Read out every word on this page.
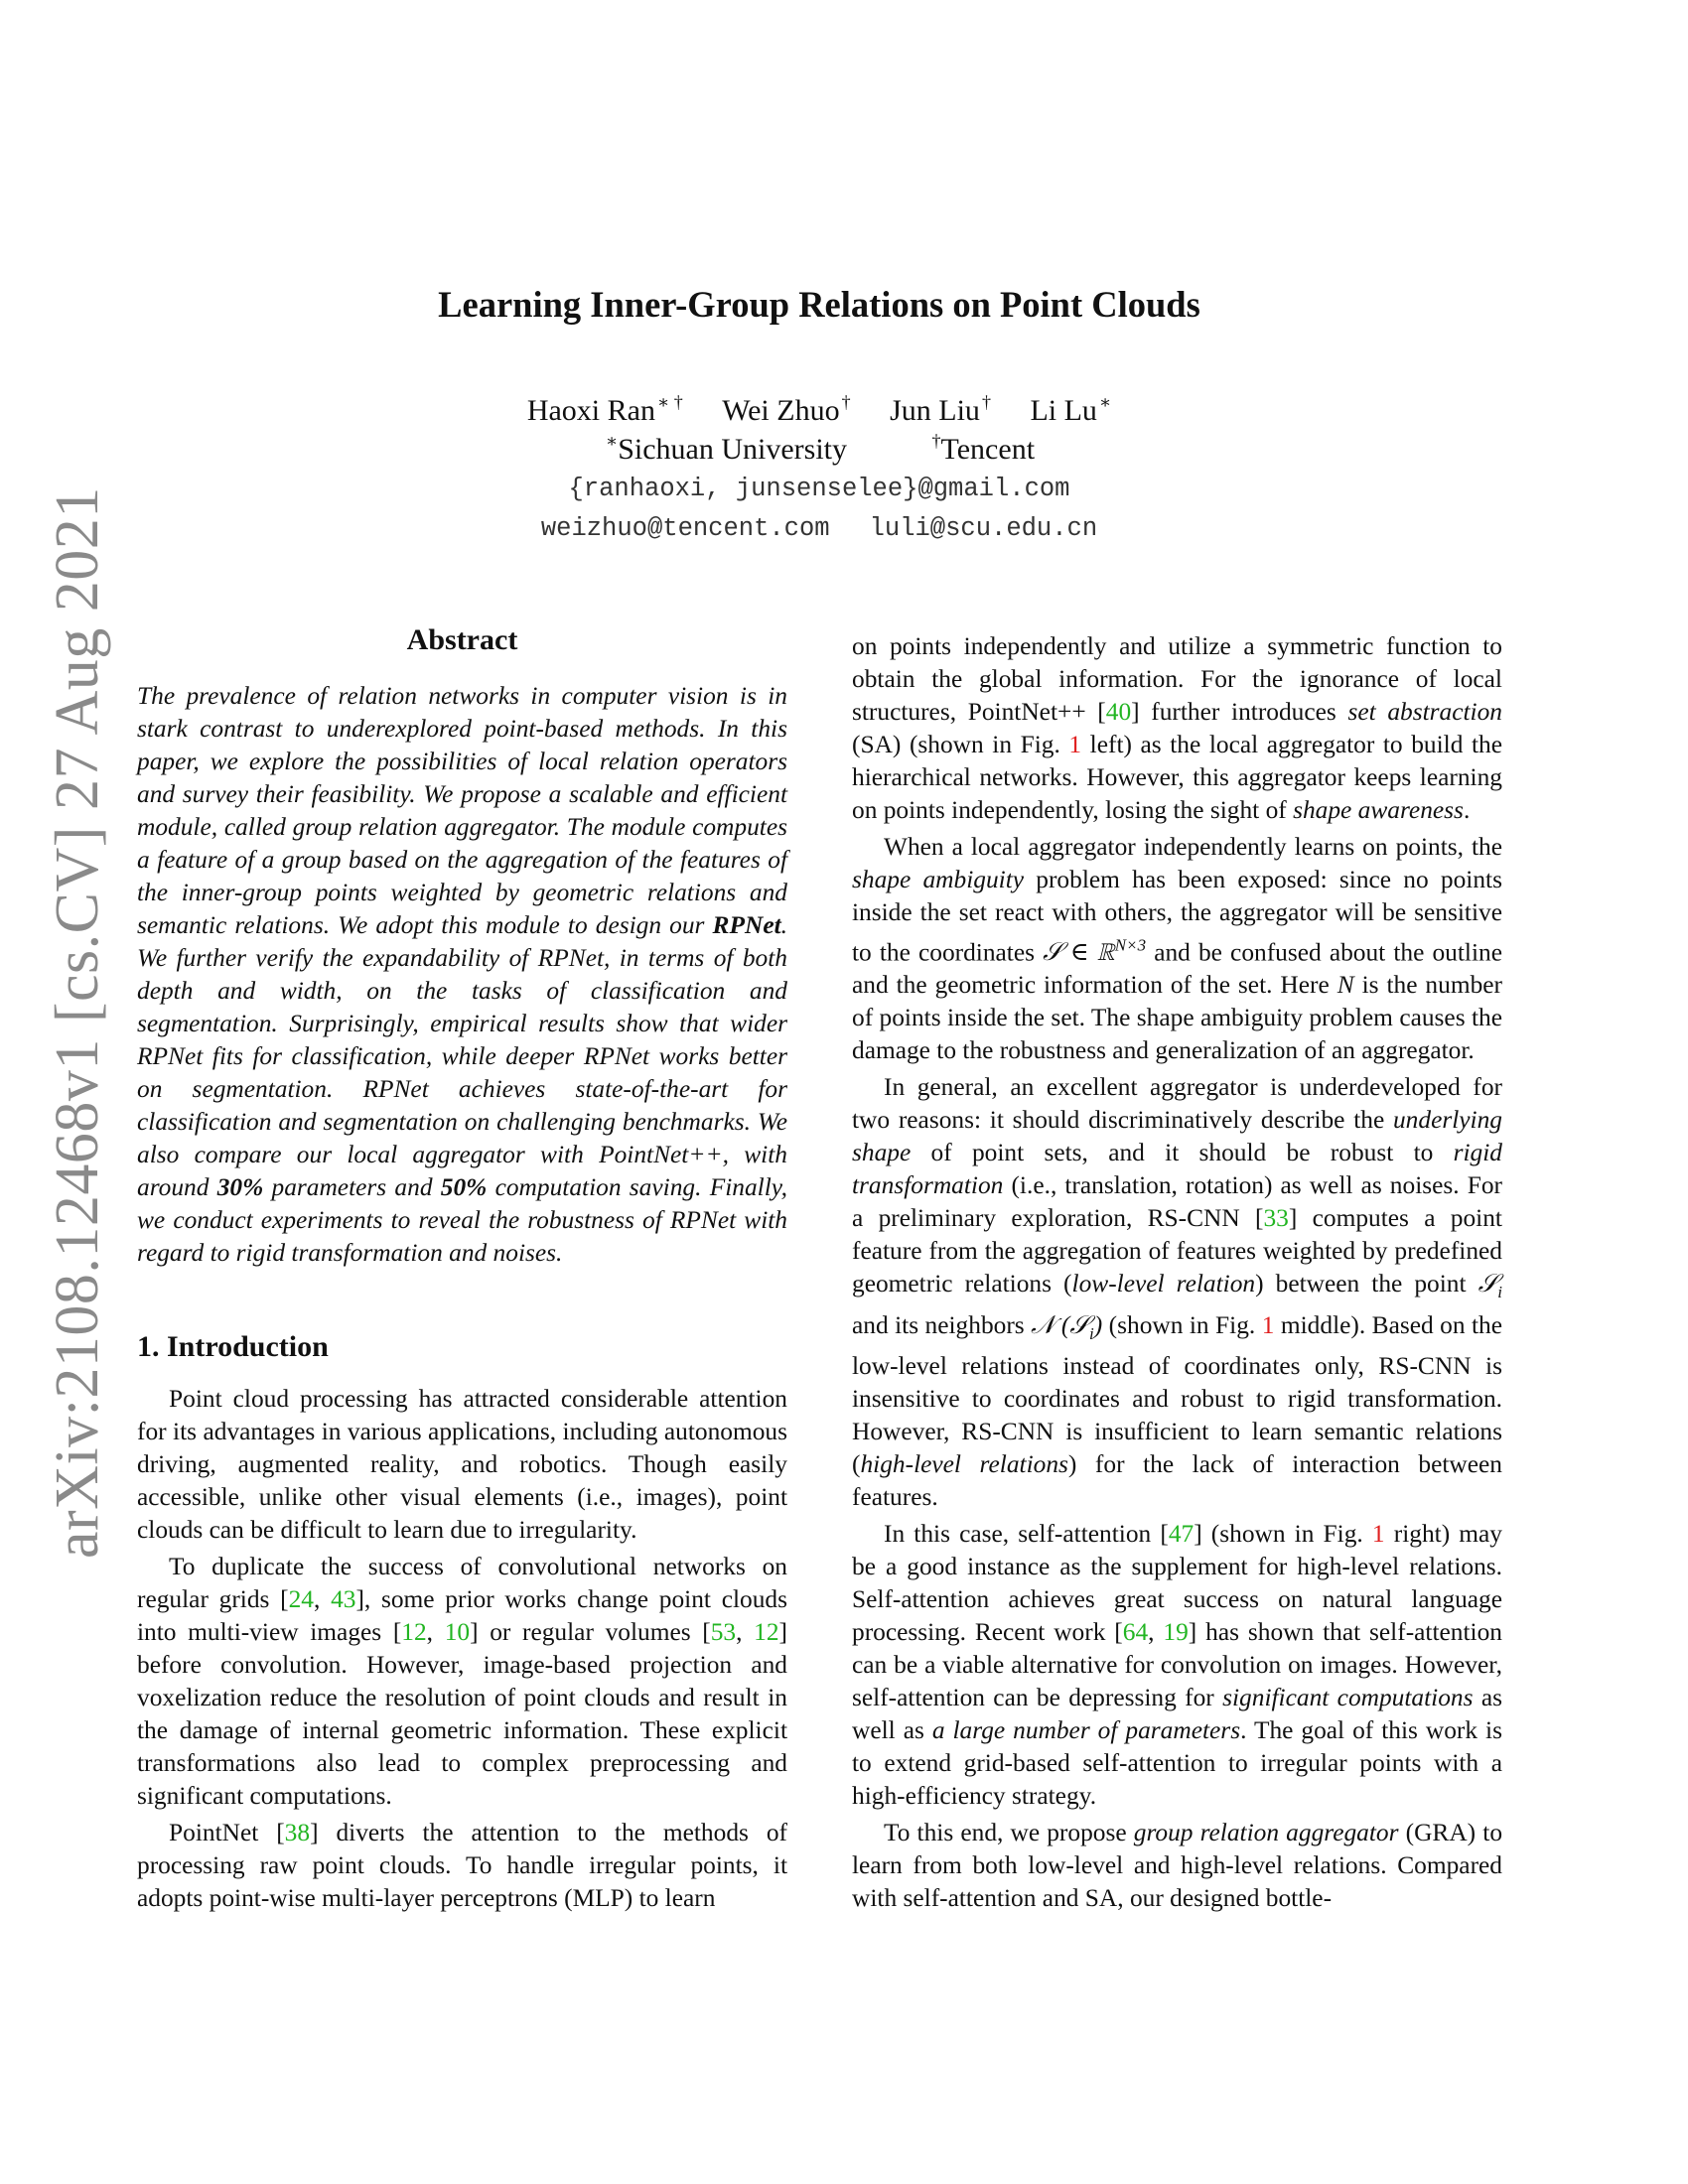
arXiv:2108.12468v1 [cs.CV] 27 Aug 2021
Learning Inner-Group Relations on Point Clouds
Haoxi Ran ∗ † Wei Zhuo † Jun Liu † Li Lu ∗
∗Sichuan University	†Tencent
{ranhaoxi, junsenselee}@gmail.com
weizhuo@tencent.com luli@scu.edu.cn
Abstract

The prevalence of relation networks in computer vision is in stark contrast to underexplored point-based methods. In this paper, we explore the possibilities of local relation operators and survey their feasibility. We propose a scalable and efficient module, called group relation aggregator. The module computes a feature of a group based on the aggregation of the features of the inner-group points weighted by geometric relations and semantic relations. We adopt this module to design our RPNet. We further verify the expandability of RPNet, in terms of both depth and width, on the tasks of classification and segmentation. Surprisingly, empirical results show that wider RPNet fits for classification, while deeper RPNet works better on segmentation. RPNet achieves state-of-the-art for classification and segmentation on challenging benchmarks. We also compare our local aggregator with PointNet++, with around 30% parameters and 50% computation saving. Finally, we conduct experiments to reveal the robustness of RPNet with regard to rigid transformation and noises.

1. Introduction

Point cloud processing has attracted considerable attention for its advantages in various applications, including autonomous driving, augmented reality, and robotics. Though easily accessible, unlike other visual elements (i.e., images), point clouds can be difficult to learn due to irregularity.

To duplicate the success of convolutional networks on regular grids [24, 43], some prior works change point clouds into multi-view images [12, 10] or regular volumes [53, 12] before convolution. However, image-based projection and voxelization reduce the resolution of point clouds and result in the damage of internal geometric information. These explicit transformations also lead to complex preprocessing and significant computations.

PointNet [38] diverts the attention to the methods of processing raw point clouds. To handle irregular points, it adopts point-wise multi-layer perceptrons (MLP) to learn

on points independently and utilize a symmetric function to obtain the global information. For the ignorance of local structures, PointNet++ [40] further introduces set abstraction (SA) (shown in Fig. 1 left) as the local aggregator to build the hierarchical networks. However, this aggregator keeps learning on points independently, losing the sight of shape awareness.

When a local aggregator independently learns on points, the shape ambiguity problem has been exposed: since no points inside the set react with others, the aggregator will be sensitive to the coordinates 𝒮 ∈ ℝ$^{N\times 3}$ and be confused about the outline and the geometric information of the set. Here N is the number of points inside the set. The shape ambiguity problem causes the damage to the robustness and generalization of an aggregator.

In general, an excellent aggregator is underdeveloped for two reasons: it should discriminatively describe the underlying shape of point sets, and it should be robust to rigid transformation (i.e., translation, rotation) as well as noises. For a preliminary exploration, RS-CNN [33] computes a point feature from the aggregation of features weighted by predefined geometric relations (low-level relation) between the point 𝒮$_i$ and its neighbors 𝒩 (𝒮$_i$) (shown in Fig. 1 middle). Based on the low-level relations instead of coordinates only, RS-CNN is insensitive to coordinates and robust to rigid transformation. However, RS-CNN is insufficient to learn semantic relations (high-level relations) for the lack of interaction between features.

In this case, self-attention [47] (shown in Fig. 1 right) may be a good instance as the supplement for high-level relations. Self-attention achieves great success on natural language processing. Recent work [64, 19] has shown that self-attention can be a viable alternative for convolution on images. However, self-attention can be depressing for significant computations as well as a large number of parameters. The goal of this work is to extend grid-based self-attention to irregular points with a high-efficiency strategy.

To this end, we propose group relation aggregator (GRA) to learn from both low-level and high-level relations. Compared with self-attention and SA, our designed bottle-
